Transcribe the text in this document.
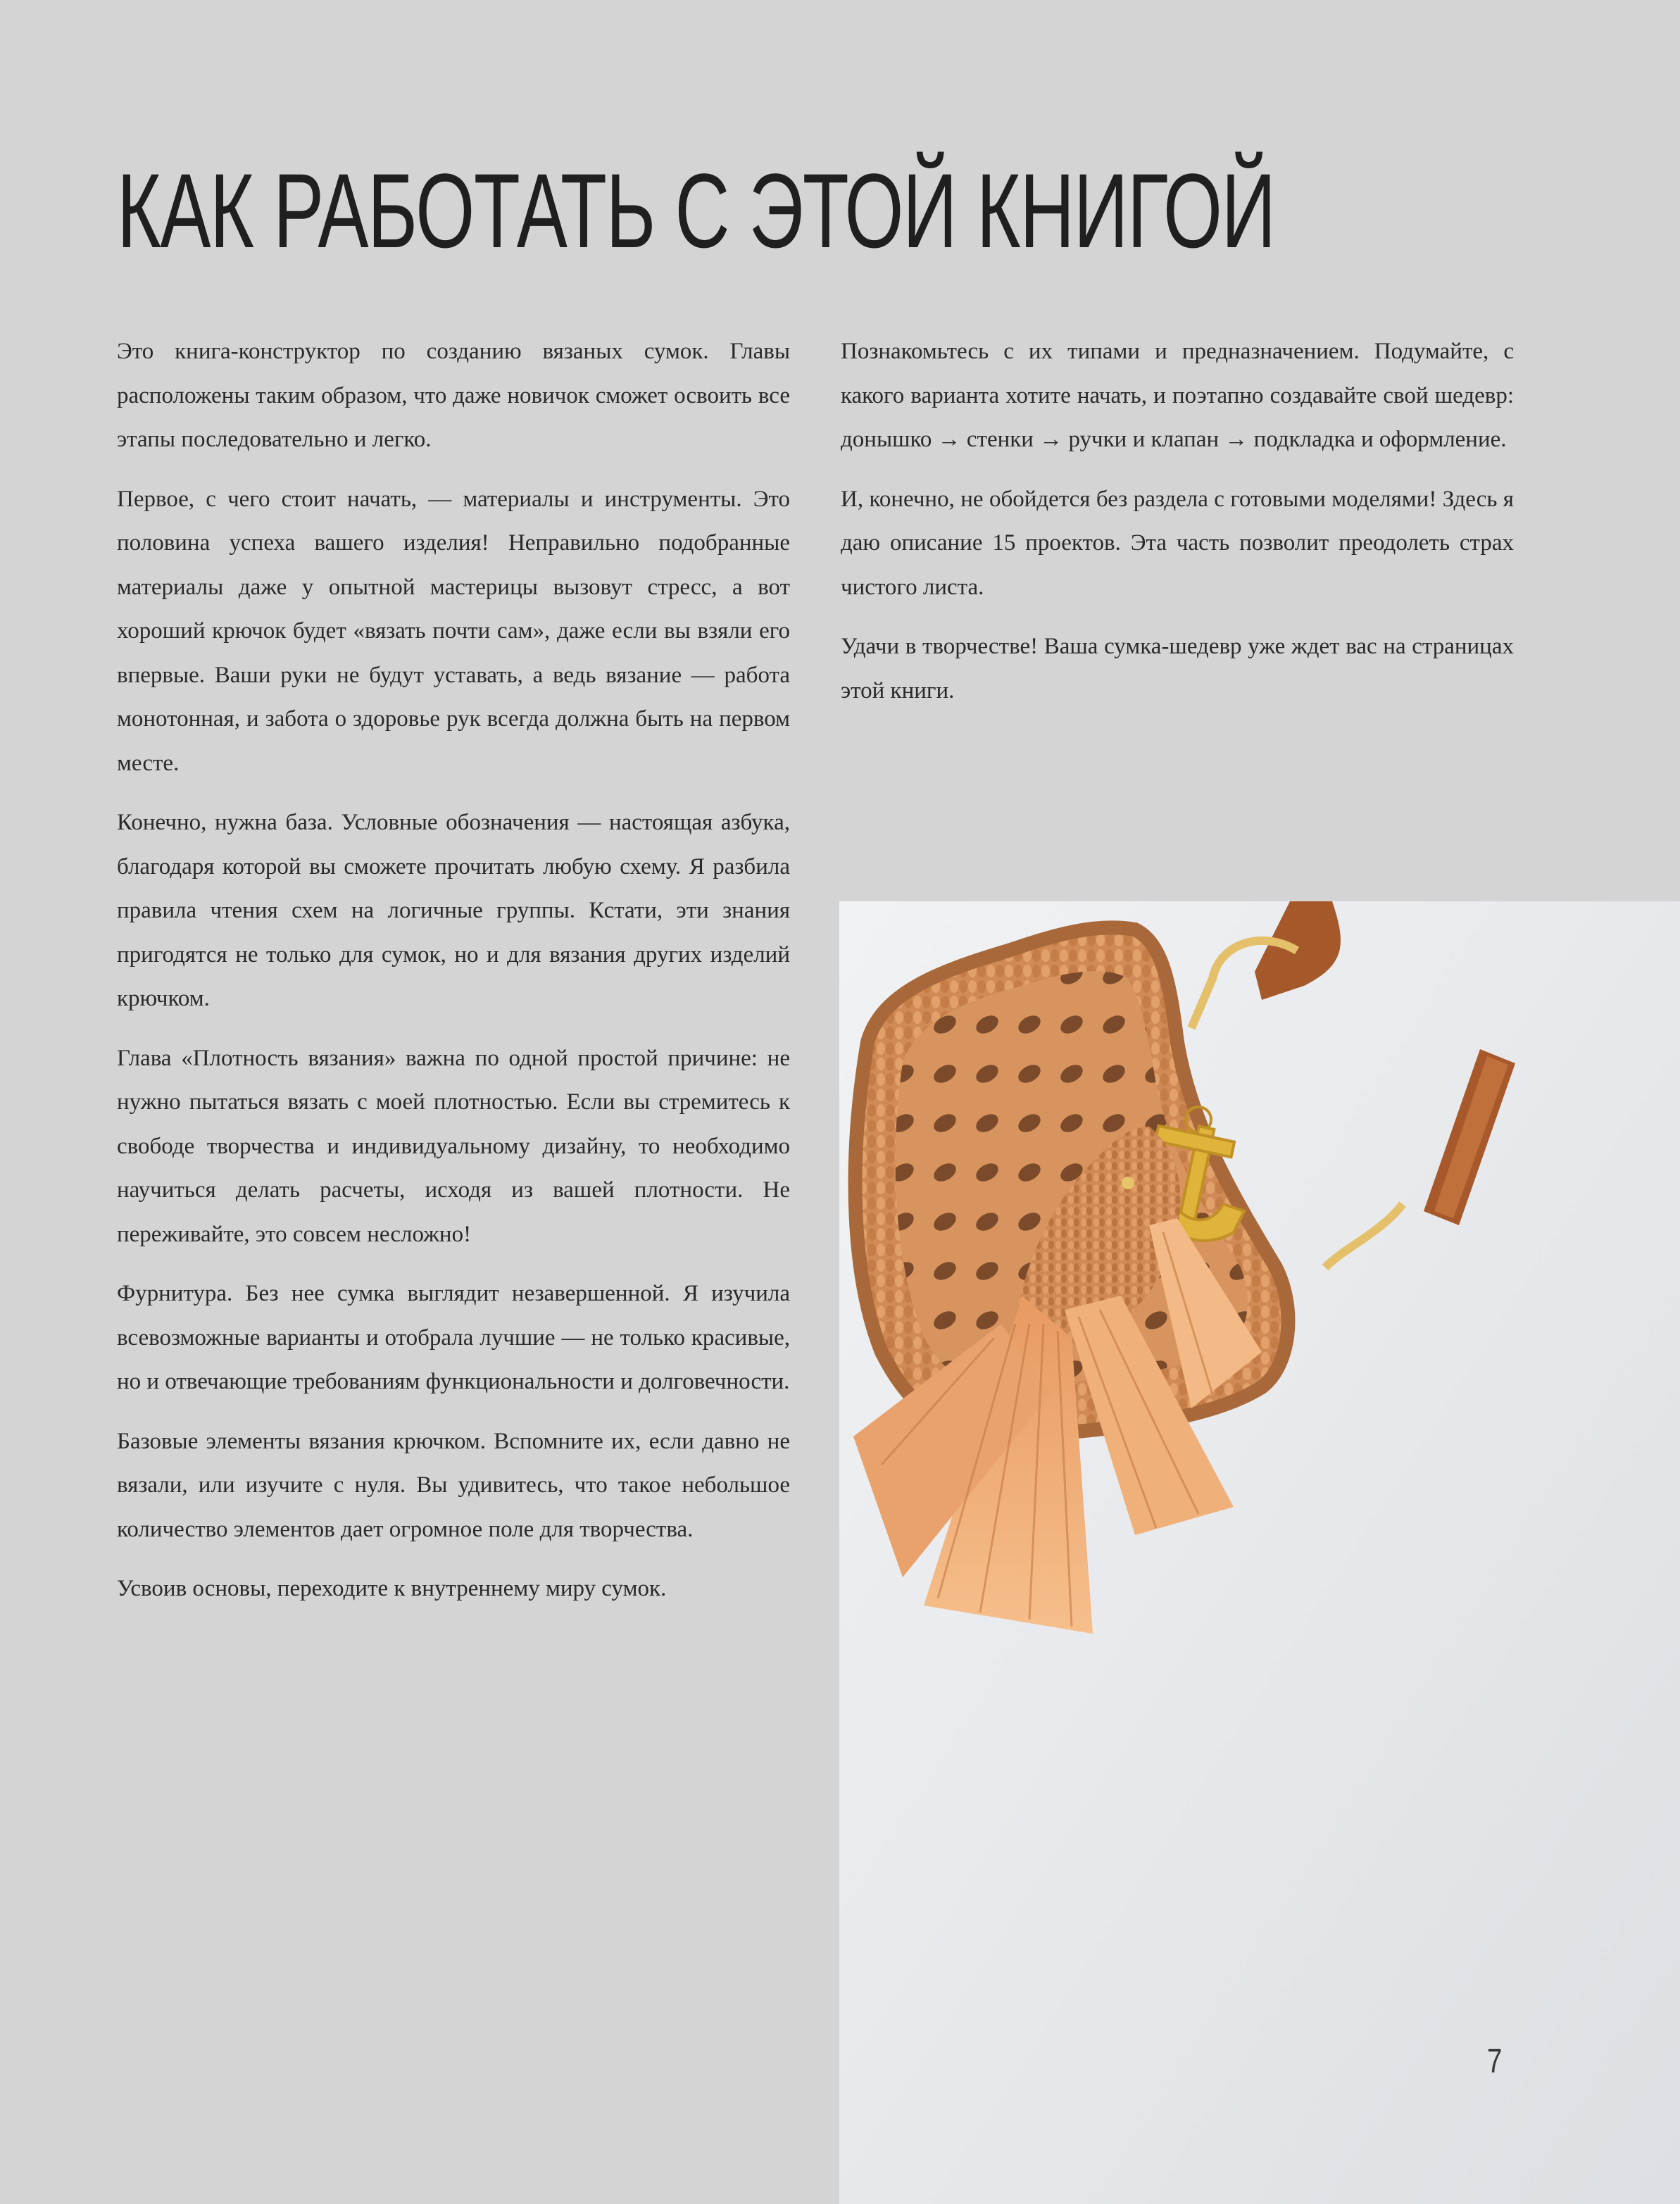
КАК РАБОТАТЬ С ЭТОЙ КНИГОЙ

Это книга-конструктор по созданию вязаных сумок. Главы расположены таким образом, что даже новичок сможет освоить все этапы последовательно и легко.

Первое, с чего стоит начать, — материалы и инструменты. Это половина успеха вашего изделия! Неправильно подобранные материалы даже у опытной мастерицы вызовут стресс, а вот хороший крючок будет «вязать почти сам», даже если вы взяли его впервые. Ваши руки не будут уставать, а ведь вязание — работа монотонная, и забота о здоровье рук всегда должна быть на первом месте.

Конечно, нужна база. Условные обозначения — настоящая азбука, благодаря которой вы сможете прочитать любую схему. Я разбила правила чтения схем на логичные группы. Кстати, эти знания пригодятся не только для сумок, но и для вязания других изделий крючком.

Глава «Плотность вязания» важна по одной простой причине: не нужно пытаться вязать с моей плотностью. Если вы стремитесь к свободе творчества и индивидуальному дизайну, то необходимо научиться делать расчеты, исходя из вашей плотности. Не переживайте, это совсем несложно!

Фурнитура. Без нее сумка выглядит незавершенной. Я изучила всевозможные варианты и отобрала лучшие — не только красивые, но и отвечающие требованиям функциональности и долговечности.

Базовые элементы вязания крючком. Вспомните их, если давно не вязали, или изучите с нуля. Вы удивитесь, что такое небольшое количество элементов дает огромное поле для творчества.

Усвоив основы, переходите к внутреннему миру сумок.

Познакомьтесь с их типами и предназначением. Подумайте, с какого варианта хотите начать, и поэтапно создавайте свой шедевр: донышко → стенки → ручки и клапан → подкладка и оформление.

И, конечно, не обойдется без раздела с готовыми моделями! Здесь я даю описание 15 проектов. Эта часть позволит преодолеть страх чистого листа.

Удачи в творчестве! Ваша сумка-шедевр уже ждет вас на страницах этой книги.

7
